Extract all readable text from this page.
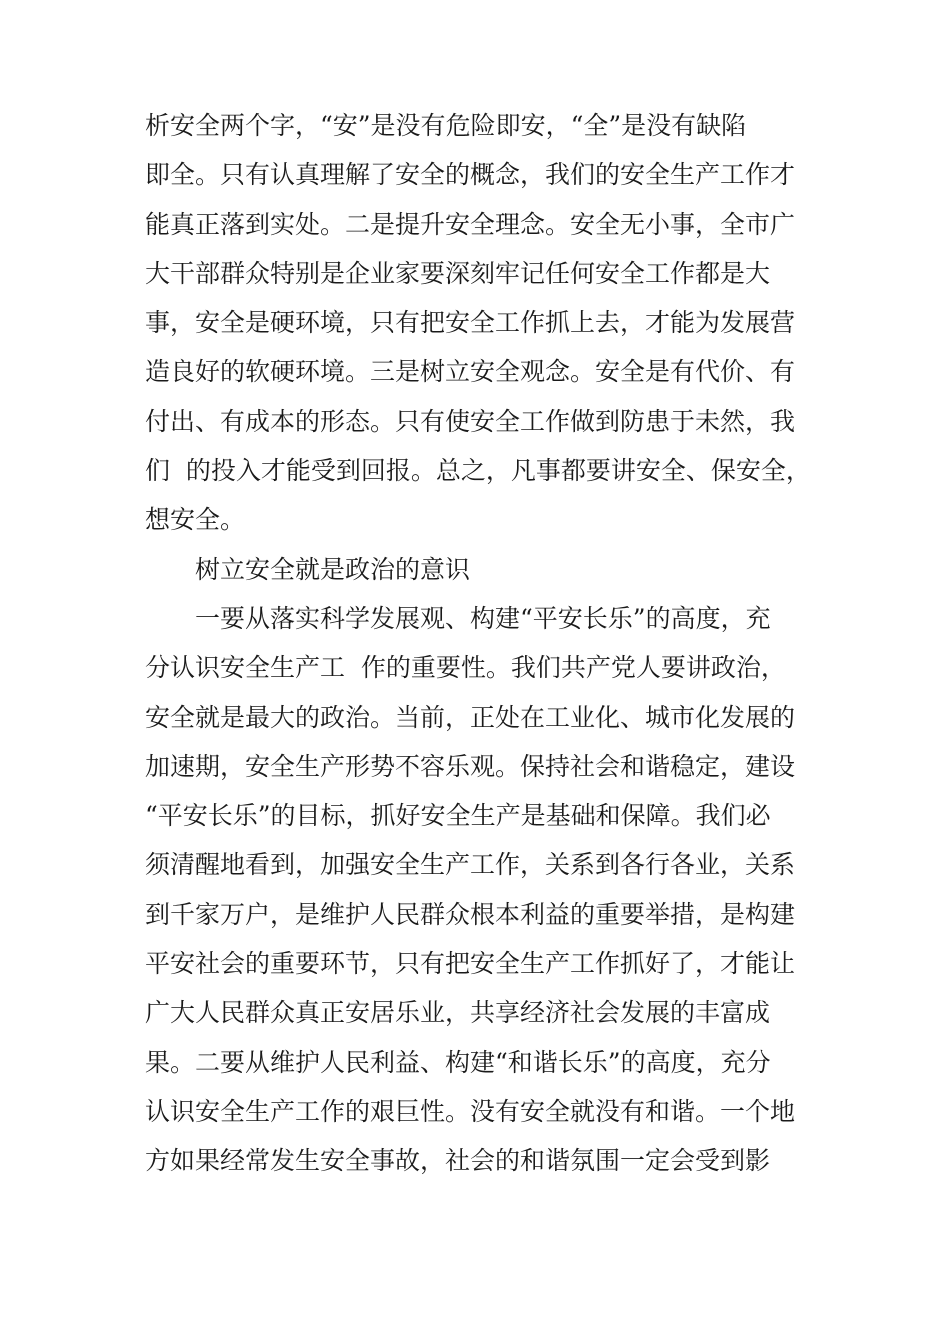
析安全两个字，“安”是没有危险即安，“全”是没有缺陷
即全。只有认真理解了安全的概念，我们的安全生产工作才
能真正落到实处。二是提升安全理念。安全无小事，全市广
大干部群众特别是企业家要深刻牢记任何安全工作都是大
事，安全是硬环境，只有把安全工作抓上去，才能为发展营
造良好的软硬环境。三是树立安全观念。安全是有代价、有
付出、有成本的形态。只有使安全工作做到防患于未然，我
们  的投入才能受到回报。总之，凡事都要讲安全、保安全，
想安全。
树立安全就是政治的意识
一要从落实科学发展观、构建“平安长乐”的高度，充
分认识安全生产工  作的重要性。我们共产党人要讲政治，
安全就是最大的政治。当前，正处在工业化、城市化发展的
加速期，安全生产形势不容乐观。保持社会和谐稳定，建设
“平安长乐”的目标，抓好安全生产是基础和保障。我们必
须清醒地看到，加强安全生产工作，关系到各行各业，关系
到千家万户，是维护人民群众根本利益的重要举措，是构建
平安社会的重要环节，只有把安全生产工作抓好了，才能让
广大人民群众真正安居乐业，共享经济社会发展的丰富成
果。二要从维护人民利益、构建“和谐长乐”的高度，充分
认识安全生产工作的艰巨性。没有安全就没有和谐。一个地
方如果经常发生安全事故，社会的和谐氛围一定会受到影
